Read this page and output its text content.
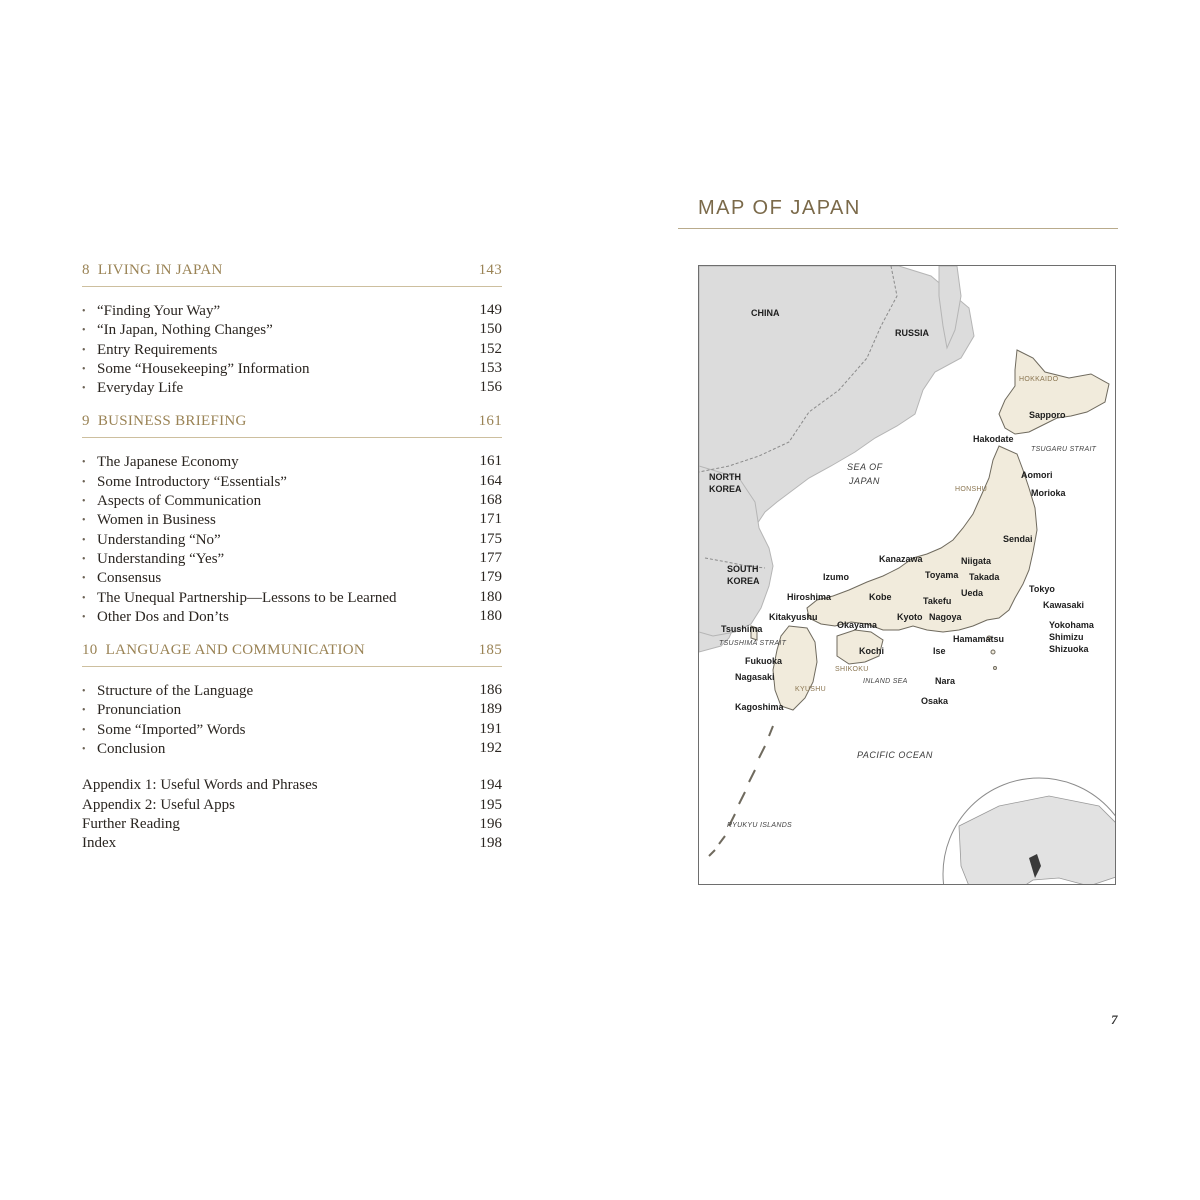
8 LIVING IN JAPAN	143
• “Finding Your Way”	149
• “In Japan, Nothing Changes”	150
• Entry Requirements	152
• Some “Housekeeping” Information	153
• Everyday Life	156
9 BUSINESS BRIEFING	161
• The Japanese Economy	161
• Some Introductory “Essentials”	164
• Aspects of Communication	168
• Women in Business	171
• Understanding “No”	175
• Understanding “Yes”	177
• Consensus	179
• The Unequal Partnership—Lessons to be Learned	180
• Other Dos and Don’ts	180
10 LANGUAGE AND COMMUNICATION	185
• Structure of the Language	186
• Pronunciation	189
• Some “Imported” Words	191
• Conclusion	192
Appendix 1: Useful Words and Phrases	194
Appendix 2: Useful Apps	195
Further Reading	196
Index	198
MAP OF JAPAN
CHINA
RUSSIA
NORTH
KOREA
SOUTH
KOREA
SEA OF
JAPAN
PACIFIC OCEAN
INLAND SEA
TSUGARU STRAIT
TSUSHIMA STRAIT
RYUKYU ISLANDS
HOKKAIDO
HONSHU
KYUSHU
SHIKOKU
Sapporo
Hakodate
Aomori
Morioka
Sendai
Niigata
Kanazawa
Toyama Takada
Ueda	Tokyo
Kawasaki
Yokohama
Shimizu
Shizuoka
Hamamatsu
Nagoya
Takefu
Kyoto
Ise
Nara
Osaka
Kobe
Okayama
Kochi
Izumo
Hiroshima
Kitakyushu
Tsushima
Fukuoka
Nagasaki
Kagoshima
7
